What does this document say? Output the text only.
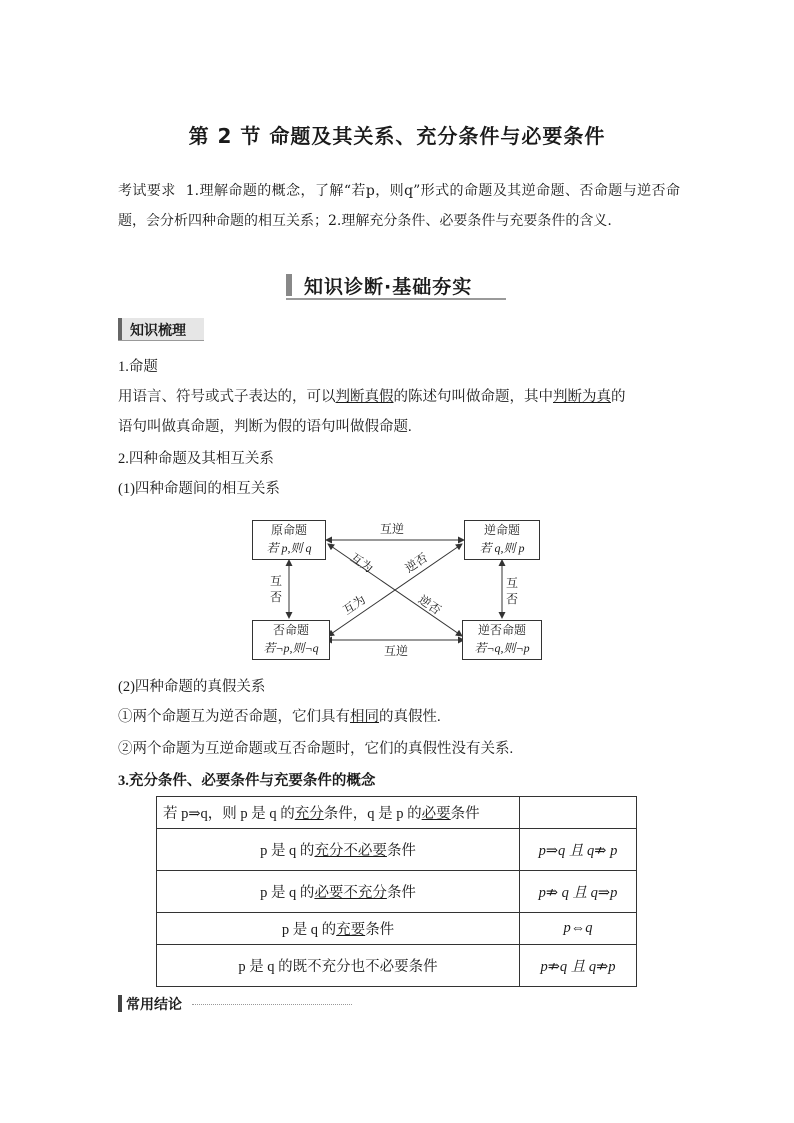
第 2 节 命题及其关系、充分条件与必要条件
考试要求 1.理解命题的概念，了解“若p，则q”形式的命题及其逆命题、否命题与逆否命题，会分析四种命题的相互关系；2.理解充分条件、必要条件与充要条件的含义.
知识诊断·基础夯实
知识梳理
1.命题
用语言、符号或式子表达的，可以判断真假的陈述句叫做命题，其中判断为真的
语句叫做真命题，判断为假的语句叫做假命题.
2.四种命题及其相互关系
(1)四种命题间的相互关系
原命题
若 p,则 q
逆命题
若 q,则 p
否命题
若¬p,则¬q
逆否命题
若¬q,则¬p
互逆
互逆
互
否
互
否
互为 逆否
互为	逆否
(2)四种命题的真假关系
①两个命题互为逆否命题，它们具有相同的真假性.
②两个命题为互逆命题或互否命题时，它们的真假性没有关系.
3.充分条件、必要条件与充要条件的概念
若 p⇒q，则 p 是 q 的充分条件，q 是 p 的必要条件	
p 是 q 的充分不必要条件	p⇒q 且 q⇏ p
p 是 q 的必要不充分条件	p⇏ q 且 q⇒p
p 是 q 的充要条件	p⇔q
p 是 q 的既不充分也不必要条件	p⇏q 且 q⇏p
常用结论
